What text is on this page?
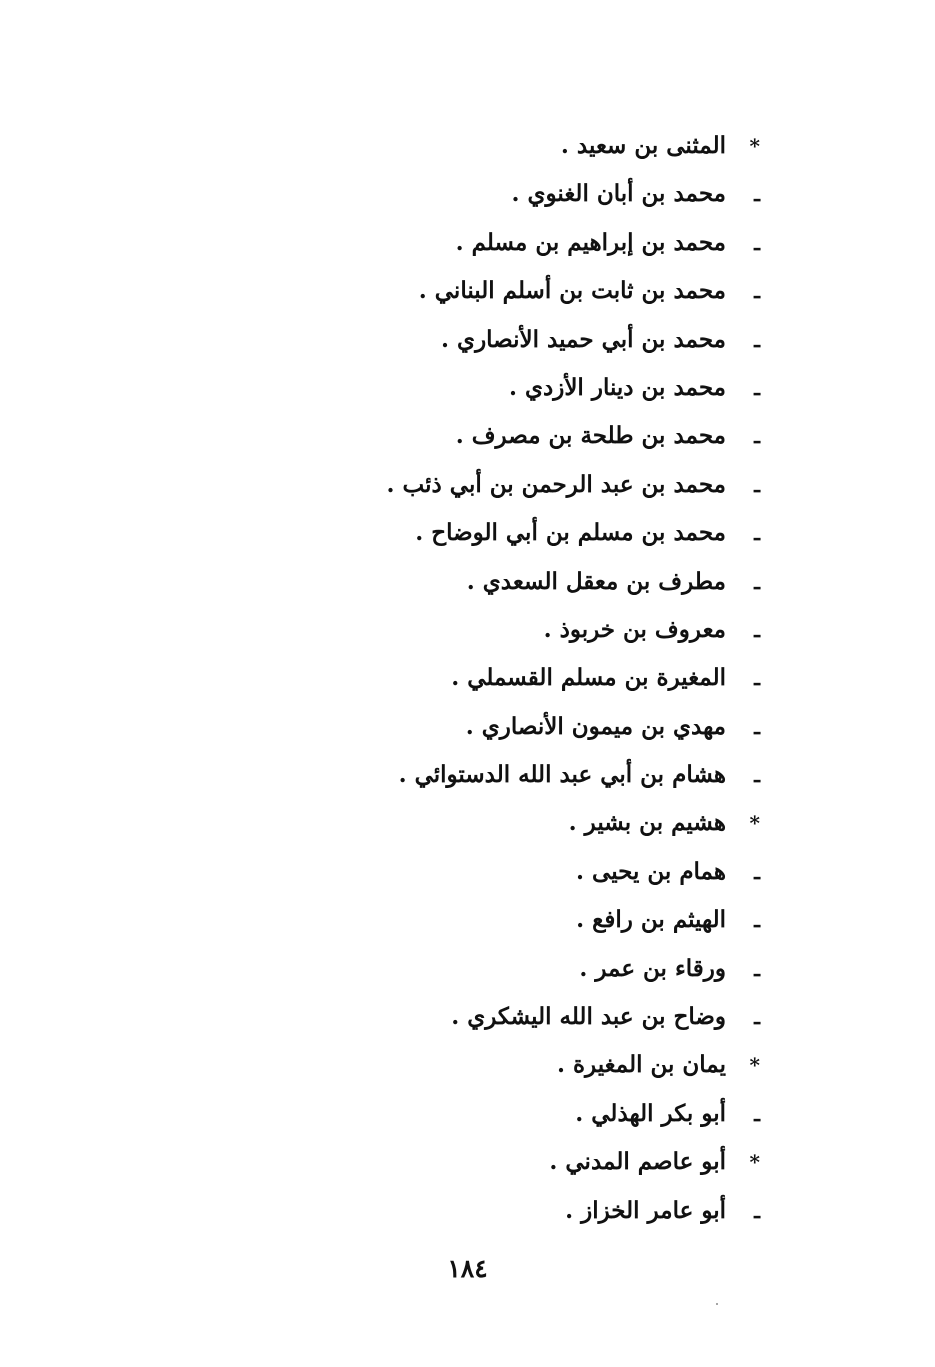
*
المثنى بن سعيد .
ـ
محمد بن أبان الغنوي .
ـ
محمد بن إبراهيم بن مسلم .
ـ
محمد بن ثابت بن أسلم البناني .
ـ
محمد بن أبي حميد الأنصاري .
ـ
محمد بن دينار الأزدي .
ـ
محمد بن طلحة بن مصرف .
ـ
محمد بن عبد الرحمن بن أبي ذئب .
ـ
محمد بن مسلم بن أبي الوضاح .
ـ
مطرف بن معقل السعدي .
ـ
معروف بن خربوذ .
ـ
المغيرة بن مسلم القسملي .
ـ
مهدي بن ميمون الأنصاري .
ـ
هشام بن أبي عبد الله الدستوائي .
*
هشيم بن بشير .
ـ
همام بن يحيى .
ـ
الهيثم بن رافع .
ـ
ورقاء بن عمر .
ـ
وضاح بن عبد الله اليشكري .
*
يمان بن المغيرة .
ـ
أبو بكر الهذلي .
*
أبو عاصم المدني .
ـ
أبو عامر الخزاز .
١٨٤
